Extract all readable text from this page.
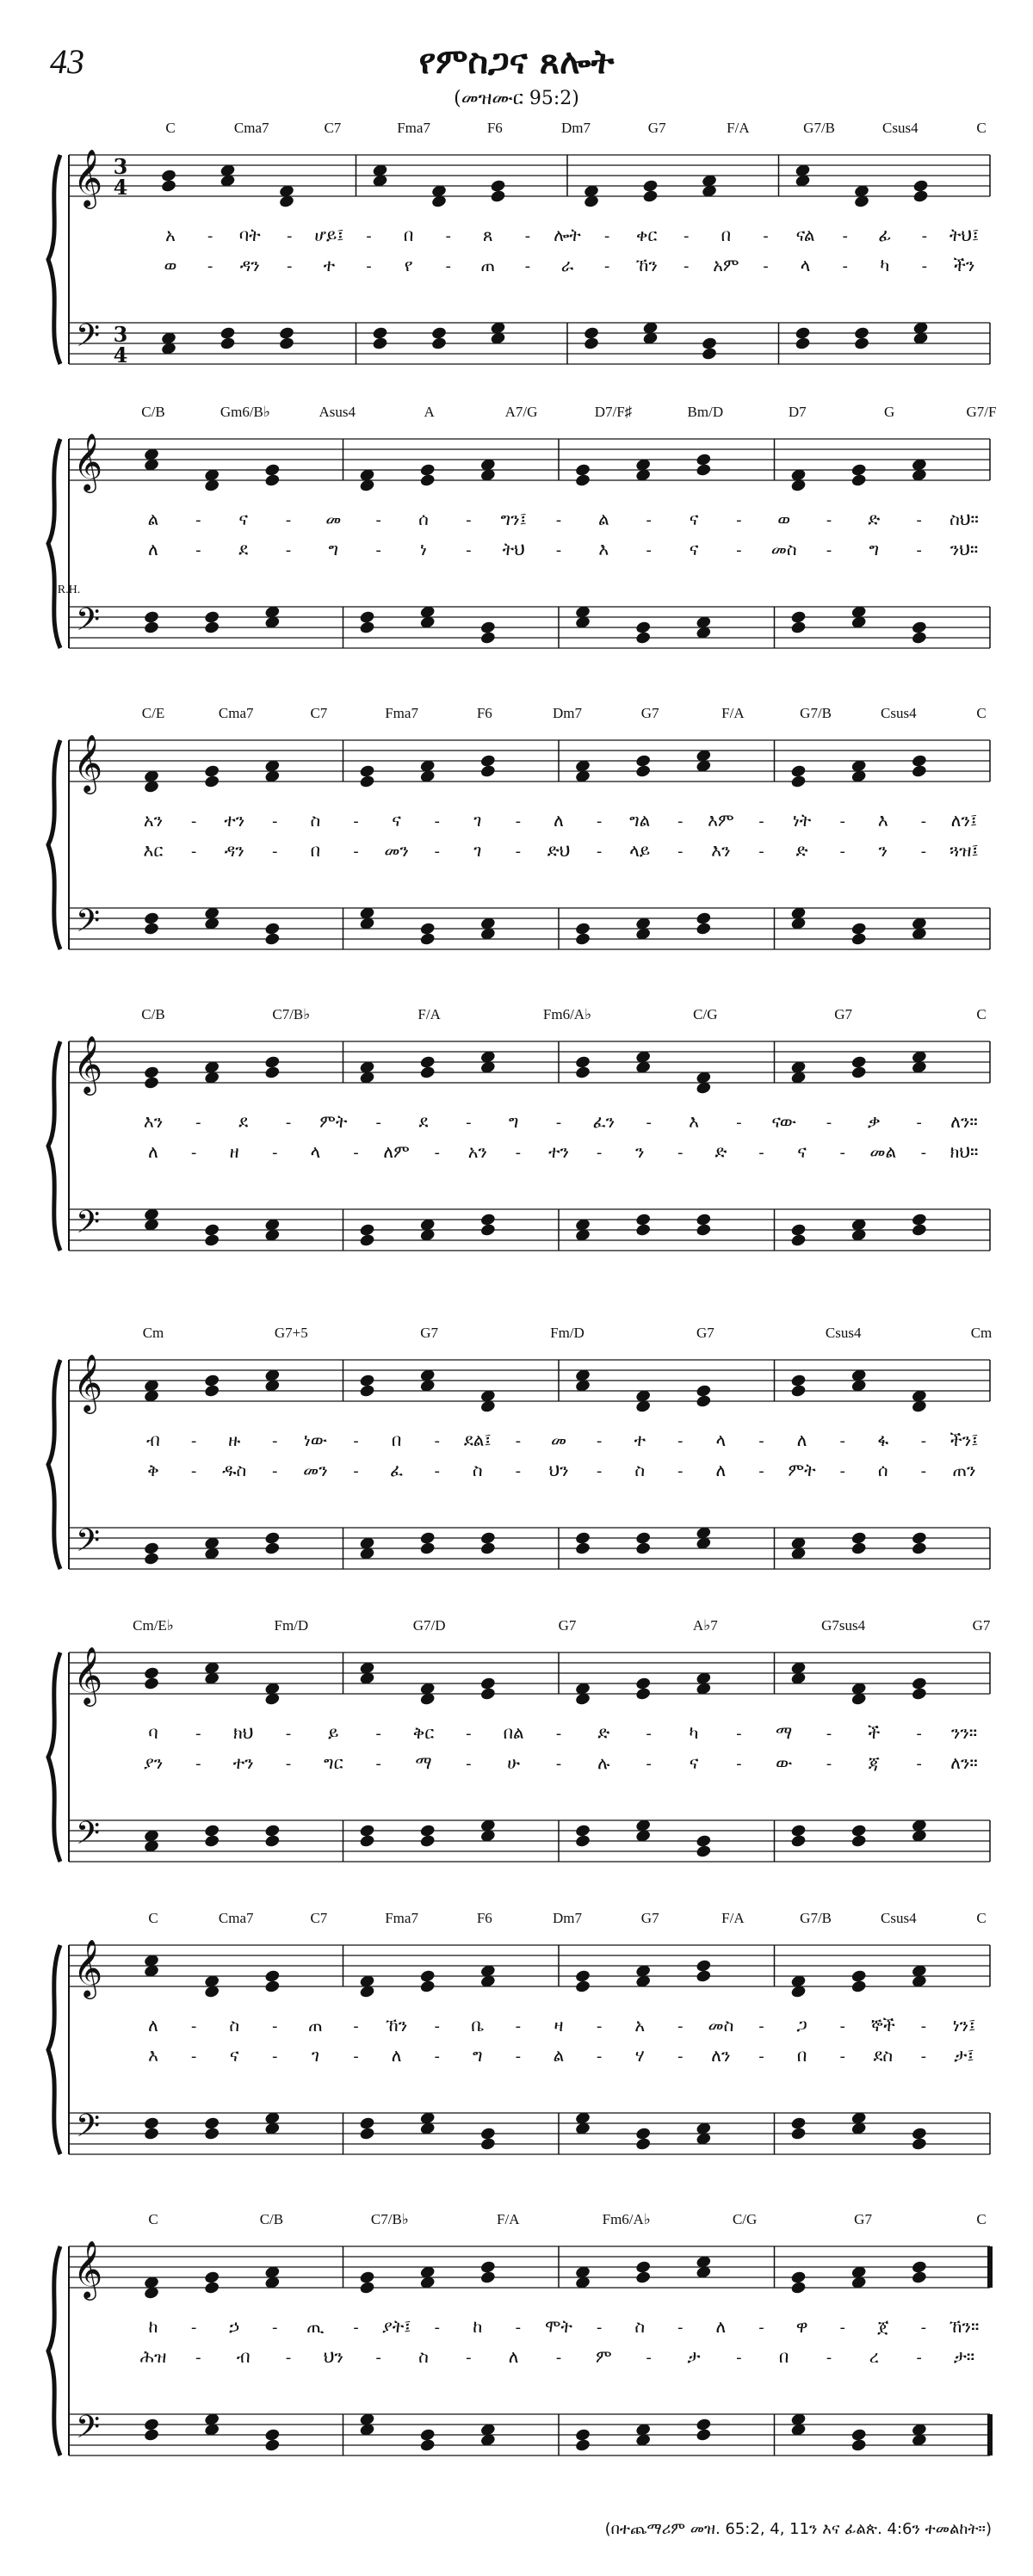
43	የምስጋና ጸሎት
(መዝሙር 95:2)
𝄞
𝄢
3
4
3
4
C	Cma7	C7	Fma7	F6	Dm7	G7	F/A	G7/B	Csus4	C
አ - ባት - ሆይ፤ - በ - ጸ - ሎት - ቀር - በ - ናል - ፊ - ትህ፤
ወ - ዳን - ተ - የ - ጠ - ራ - ኸን - አም - ላ - ካ - ችን
𝄞
𝄢
R.H.
C/B	Gm6/B♭	Asus4	A	A7/G	D7/F♯	Bm/D	D7	G	G7/F
ል - ና - መ - ሰ - ግን፤ - ል - ና - ወ - ድ - ስህ።
ለ - ደ - ግ - ነ	- ትህ - እ - ና - መስ - ግ - ንህ።
𝄞
𝄢
C/E	Cma7	C7	Fma7	F6	Dm7	G7	F/A	G7/B	Csus4	C
አን - ተን - ስ - ና - ገ - ለ - ግል - እም - ነት - እ - ለን፤
እር - ዳን - በ - መን - ገ - ድህ - ላይ - እን - ድ - ን - ጓዝ፤
𝄞
𝄢
C/B	C7/B♭	F/A	Fm6/A♭	C/G	G7	C
እን - ደ - ምት - ደ - ግ - ፈን - እ - ናው - ቃ - ለን።
ለ - ዘ - ላ - ለም - አን - ተን - ን - ድ - ና - መል - ክህ።
𝄞
𝄢
Cm	G7+5	G7	Fm/D	G7	Csus4	Cm
ብ - ዙ - ነው - በ - ደል፤ - መ - ተ - ላ - ለ - ፋ - ችን፤
ቅ - ዱስ - መን - ፈ - ስ - ህን - ስ - ለ - ምት - ሰ - ጠን
𝄞
𝄢
Cm/E♭	Fm/D	G7/D	G7	A♭7	G7sus4	G7
ባ - ክህ - ይ - ቅር - በል - ድ - ካ - ማ - ች - ንን።
ያን - ተን - ግር - ማ - ሁ - ሉ - ና - ው - ጃ - ለን።
𝄞
𝄢
C	Cma7	C7	Fma7	F6	Dm7	G7	F/A	G7/B	Csus4	C
ለ - ስ - ጠ - ኸን - ቤ - ዛ - አ - መስ - ጋ - ኞች - ነን፤
እ - ና - ገ - ለ - ግ - ል - ሃ - ለን - በ - ደስ - ታ፤
𝄞
𝄢
C	C/B	C7/B♭	F/A	Fm6/A♭	C/G	G7	C
ከ - ኃ - ጢ - ያት፤ - ከ - ሞት - ስ - ለ - ዋ - ጀ - ኸን።
ሕዝ - ብ - ህን - ስ - ለ - ም - ታ - በ - ረ - ታ።
(በተጨማሪም መዝ. 65:2, 4, 11ን እና ፊልጵ. 4:6ን ተመልከት።)
